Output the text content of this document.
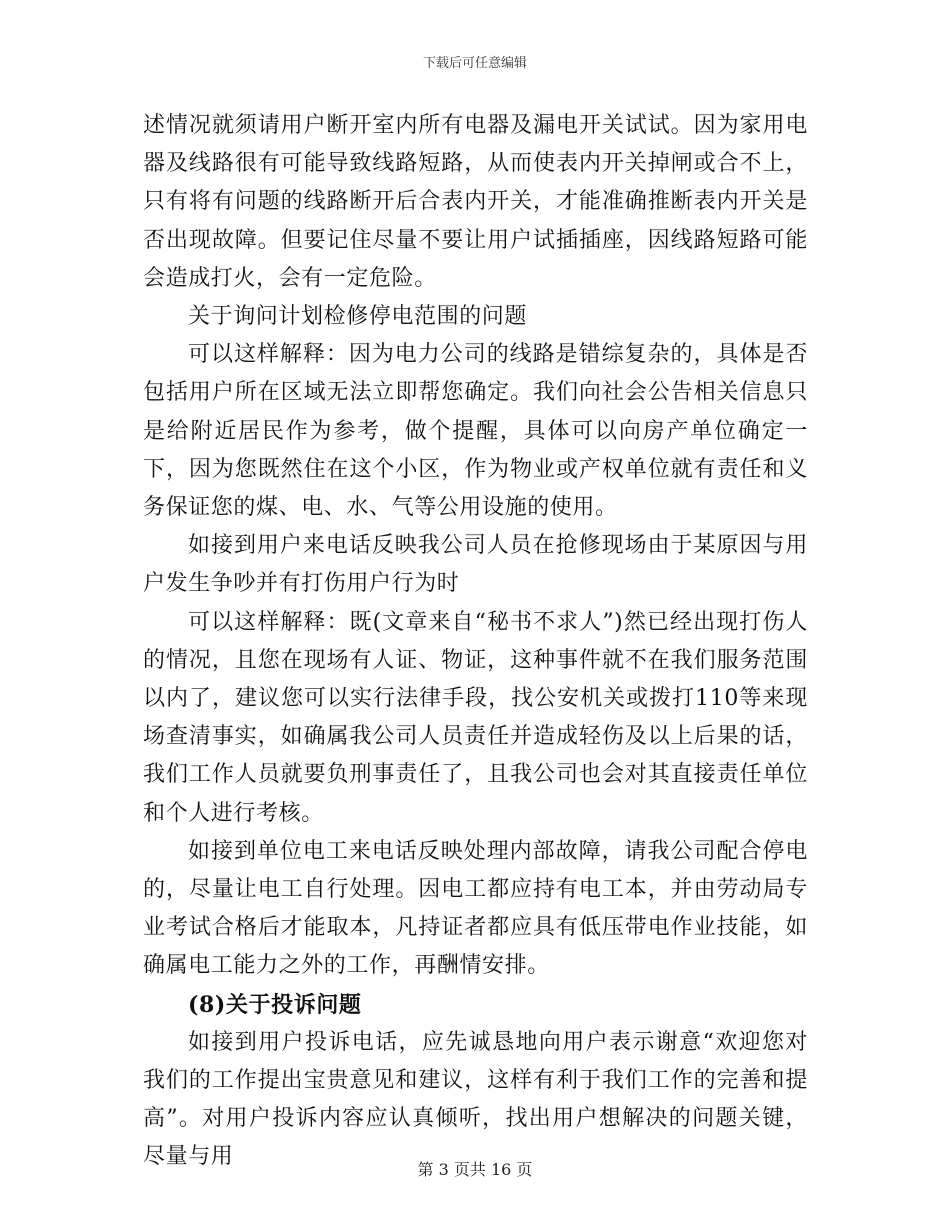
下载后可任意编辑

述情况就须请用户断开室内所有电器及漏电开关试试。因为家用电器及线路很有可能导致线路短路，从而使表内开关掉闸或合不上，只有将有问题的线路断开后合表内开关，才能准确推断表内开关是否出现故障。但要记住尽量不要让用户试插插座，因线路短路可能会造成打火，会有一定危险。

关于询问计划检修停电范围的问题

可以这样解释：因为电力公司的线路是错综复杂的，具体是否包括用户所在区域无法立即帮您确定。我们向社会公告相关信息只是给附近居民作为参考，做个提醒，具体可以向房产单位确定一下，因为您既然住在这个小区，作为物业或产权单位就有责任和义务保证您的煤、电、水、气等公用设施的使用。

如接到用户来电话反映我公司人员在抢修现场由于某原因与用户发生争吵并有打伤用户行为时

可以这样解释：既(文章来自“秘书不求人”)然已经出现打伤人的情况，且您在现场有人证、物证，这种事件就不在我们服务范围以内了，建议您可以实行法律手段，找公安机关或拨打110等来现场查清事实，如确属我公司人员责任并造成轻伤及以上后果的话，我们工作人员就要负刑事责任了，且我公司也会对其直接责任单位和个人进行考核。

如接到单位电工来电话反映处理内部故障，请我公司配合停电的，尽量让电工自行处理。因电工都应持有电工本，并由劳动局专业考试合格后才能取本，凡持证者都应具有低压带电作业技能，如确属电工能力之外的工作，再酬情安排。

(8)关于投诉问题

如接到用户投诉电话，应先诚恳地向用户表示谢意“欢迎您对我们的工作提出宝贵意见和建议，这样有利于我们工作的完善和提高”。对用户投诉内容应认真倾听，找出用户想解决的问题关键，尽量与用

第 3 页共 16 页
